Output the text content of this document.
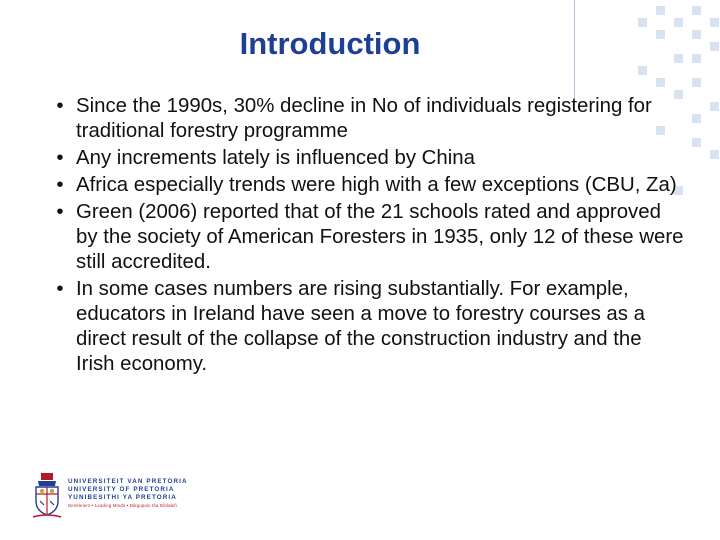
Introduction
• Since the 1990s, 30% decline in No of individuals registering for traditional forestry programme
• Any increments lately is influenced by China
• Africa especially trends were high with a few exceptions (CBU, Za)
• Green (2006) reported that of the 21 schools rated and approved by the society of American Foresters in 1935, only 12 of these were still accredited.
• In some cases numbers are rising substantially. For example, educators in Ireland have seen a move to forestry courses as a direct result of the collapse of the construction industry and the Irish economy.
UNIVERSITEIT VAN PRETORIA
UNIVERSITY OF PRETORIA
YUNIBESITHI YA PRETORIA
Denkleiers • Leading Minds • Dikgopolo tša Dihlalefi
